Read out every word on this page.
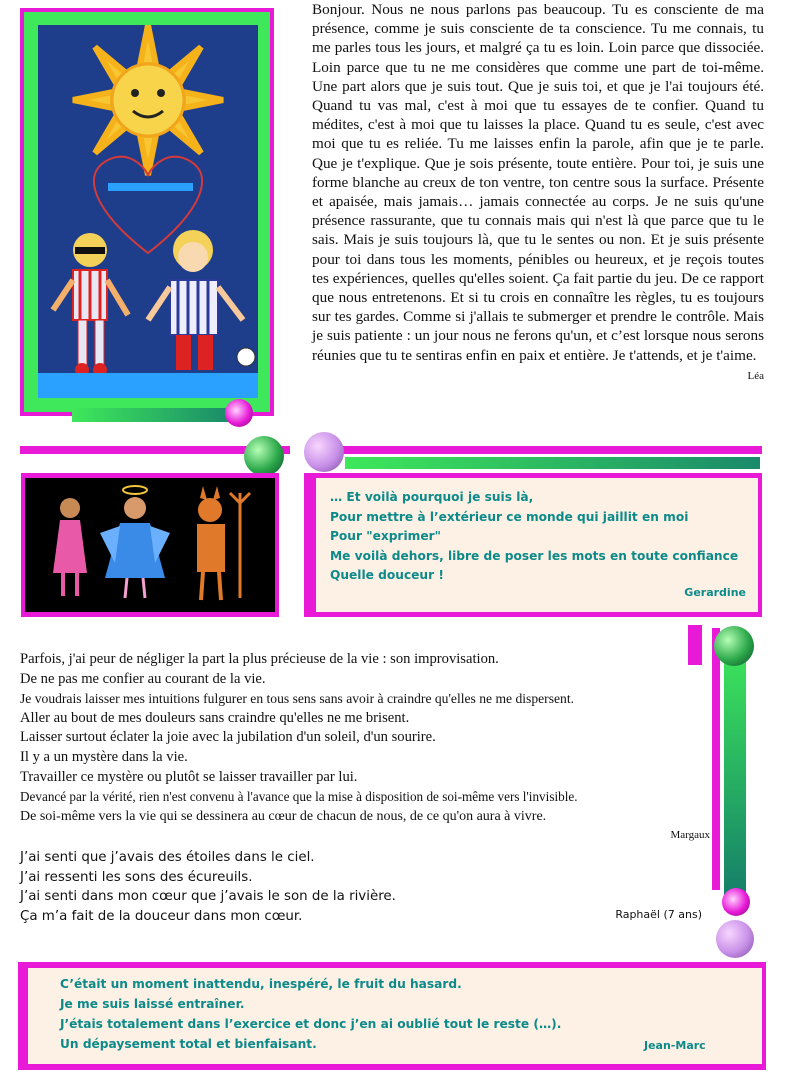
Bonjour. Nous ne nous parlons pas beaucoup. Tu es consciente de ma présence, comme je suis consciente de ta conscience. Tu me connais, tu me parles tous les jours, et malgré ça tu es loin. Loin parce que dissociée. Loin parce que tu ne me considères que comme une part de toi-même. Une part alors que je suis tout. Que je suis toi, et que je l'ai toujours été. Quand tu vas mal, c'est à moi que tu essayes de te confier. Quand tu médites, c'est à moi que tu laisses la place. Quand tu es seule, c'est avec moi que tu es reliée. Tu me laisses enfin la parole, afin que je te parle. Que je t'explique. Que je sois présente, toute entière. Pour toi, je suis une forme blanche au creux de ton ventre, ton centre sous la surface. Présente et apaisée, mais jamais… jamais connectée au corps. Je ne suis qu'une présence rassurante, que tu connais mais qui n'est là que parce que tu le sais. Mais je suis toujours là, que tu le sentes ou non. Et je suis présente pour toi dans tous les moments, pénibles ou heureux, et je reçois toutes tes expériences, quelles qu'elles soient. Ça fait partie du jeu. De ce rapport que nous entretenons. Et si tu crois en connaître les règles, tu es toujours sur tes gardes. Comme si j'allais te submerger et prendre le contrôle. Mais je suis patiente : un jour nous ne ferons qu'un, et c’est lorsque nous serons réunies que tu te sentiras enfin en paix et entière. Je t'attends, et je t'aime.
Léa
… Et voilà pourquoi je suis là,
Pour mettre à l’extérieur ce monde qui jaillit en moi
Pour "exprimer"
Me voilà dehors, libre de poser les mots en toute confiance
Quelle douceur !
Gerardine
Parfois, j'ai peur de négliger la part la plus précieuse de la vie : son improvisation.
De ne pas me confier au courant de la vie.
Je voudrais laisser mes intuitions fulgurer en tous sens sans avoir à craindre qu'elles ne me dispersent.
Aller au bout de mes douleurs sans craindre qu'elles ne me brisent.
Laisser surtout éclater la joie avec la jubilation d'un soleil, d'un sourire.
Il y a un mystère dans la vie.
Travailler ce mystère ou plutôt se laisser travailler par lui.
Devancé par la vérité, rien n'est convenu à l'avance que la mise à disposition de soi-même vers l'invisible.
De soi-même vers la vie qui se dessinera au cœur de chacun de nous, de ce qu'on aura à vivre.
Margaux
J’ai senti que j’avais des étoiles dans le ciel.
J’ai ressenti les sons des écureuils.
J’ai senti dans mon cœur que j’avais le son de la rivière.
Ça m’a fait de la douceur dans mon cœur.	Raphaël (7 ans)
C’était un moment inattendu, inespéré, le fruit du hasard.
Je me suis laissé entraîner.
J’étais totalement dans l’exercice et donc j’en ai oublié tout le reste (…).
Un dépaysement total et bienfaisant.	Jean-Marc
